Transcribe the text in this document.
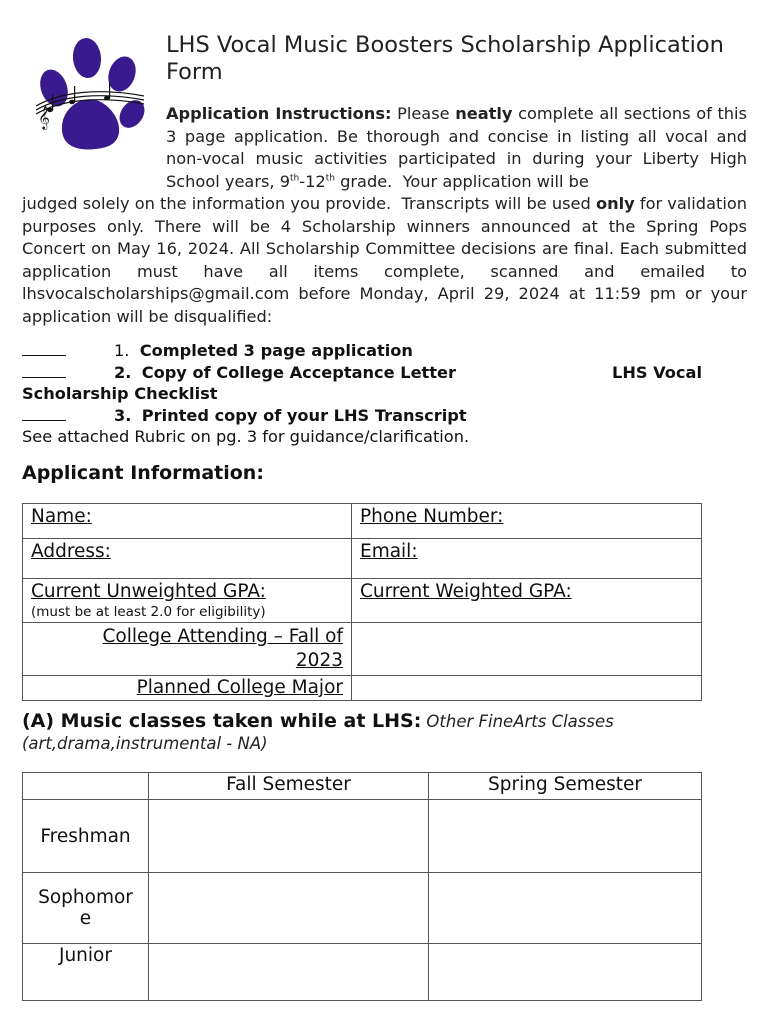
𝄞
LHS Vocal Music Boosters Scholarship Application Form
Application Instructions: Please neatly complete all sections of this 3 page application. Be thorough and concise in listing all vocal and non-vocal music activities participated in during your Liberty High School years, 9th-12th grade.  Your application will be
judged solely on the information you provide.  Transcripts will be used only for validation purposes only. There will be 4 Scholarship winners announced at the Spring Pops Concert on May 16, 2024. All Scholarship Committee decisions are final. Each submitted application must have all items complete, scanned and emailed to lhsvocalscholarships@gmail.com before Monday, April 29, 2024 at 11:59 pm or your application will be disqualified:
1. Completed 3 page application
2. Copy of College Acceptance Letter	LHS Vocal
Scholarship Checklist
3. Printed copy of your LHS Transcript
See attached Rubric on pg. 3 for guidance/clarification.
Applicant Information:
Name:	Phone Number:
Address:	Email:
Current Unweighted GPA:
(must be at least 2.0 for eligibility)	Current Weighted GPA:
College Attending – Fall of
2023	
Planned College Major	
(A) Music classes taken while at LHS: Other FineArts Classes
(art,drama,instrumental - NA)
	Fall Semester	Spring Semester
Freshman		
Sophomor
e		
Junior		
